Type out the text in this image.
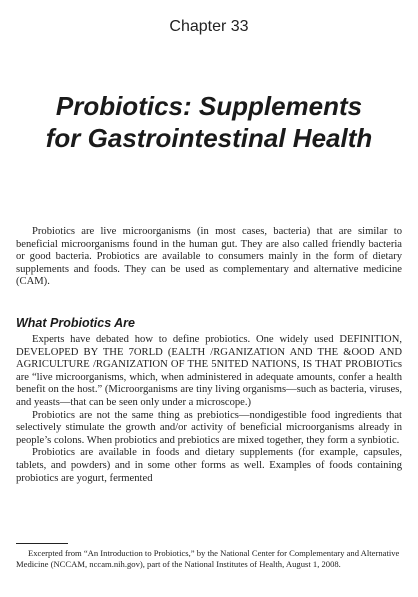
Chapter 33
Probiotics: Supplements
for Gastrointestinal Health

Probiotics are live microorganisms (in most cases, bacteria) that are similar to beneficial microorganisms found in the human gut. They are also called friendly bacteria or good bacteria. Probiotics are available to consumers mainly in the form of dietary supplements and foods. They can be used as complementary and alternative medicine (CAM).

What Probiotics Are

Experts have debated how to define probiotics. One widely used DEFINITION, DEVELOPED BY THE 7ORLD (EALTH /RGANIZATION AND THE &OOD AND AGRICULTURE /RGANIZATION OF THE 5NITED NATIONS, IS THAT PROBIOTics are “live microorganisms, which, when administered in adequate amounts, confer a health benefit on the host.” (Microorganisms are tiny living organisms—such as bacteria, viruses, and yeasts—that can be seen only under a microscope.)

Probiotics are not the same thing as prebiotics—nondigestible food ingredients that selectively stimulate the growth and/or activity of beneficial microorganisms already in people’s colons. When probiotics and prebiotics are mixed together, they form a synbiotic.

Probiotics are available in foods and dietary supplements (for example, capsules, tablets, and powders) and in some other forms as well. Examples of foods containing probiotics are yogurt, fermented

Excerpted from “An Introduction to Probiotics,” by the National Center for Complementary and Alternative Medicine (NCCAM, nccam.nih.gov), part of the National Institutes of Health, August 1, 2008.
